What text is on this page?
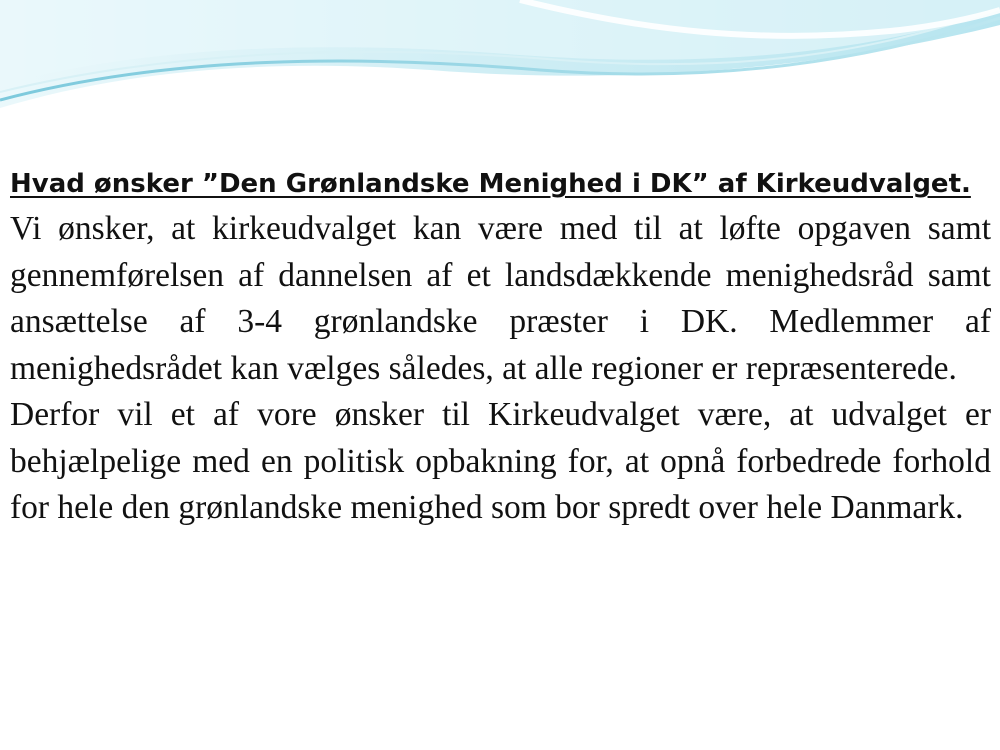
Hvad ønsker ”Den Grønlandske Menighed i DK” af Kirkeudvalget.

Vi ønsker, at kirkeudvalget kan være med til at løfte opgaven samt gennemførelsen af dannelsen af et landsdækkende menighedsråd samt ansættelse af 3-4 grønlandske præster i DK. Medlemmer af menighedsrådet kan vælges således, at alle regioner er repræsenterede.

Derfor vil et af vore ønsker til Kirkeudvalget være, at udvalget er behjælpelige med en politisk opbakning for, at opnå forbedrede forhold for hele den grønlandske menighed som bor spredt over hele Danmark.
